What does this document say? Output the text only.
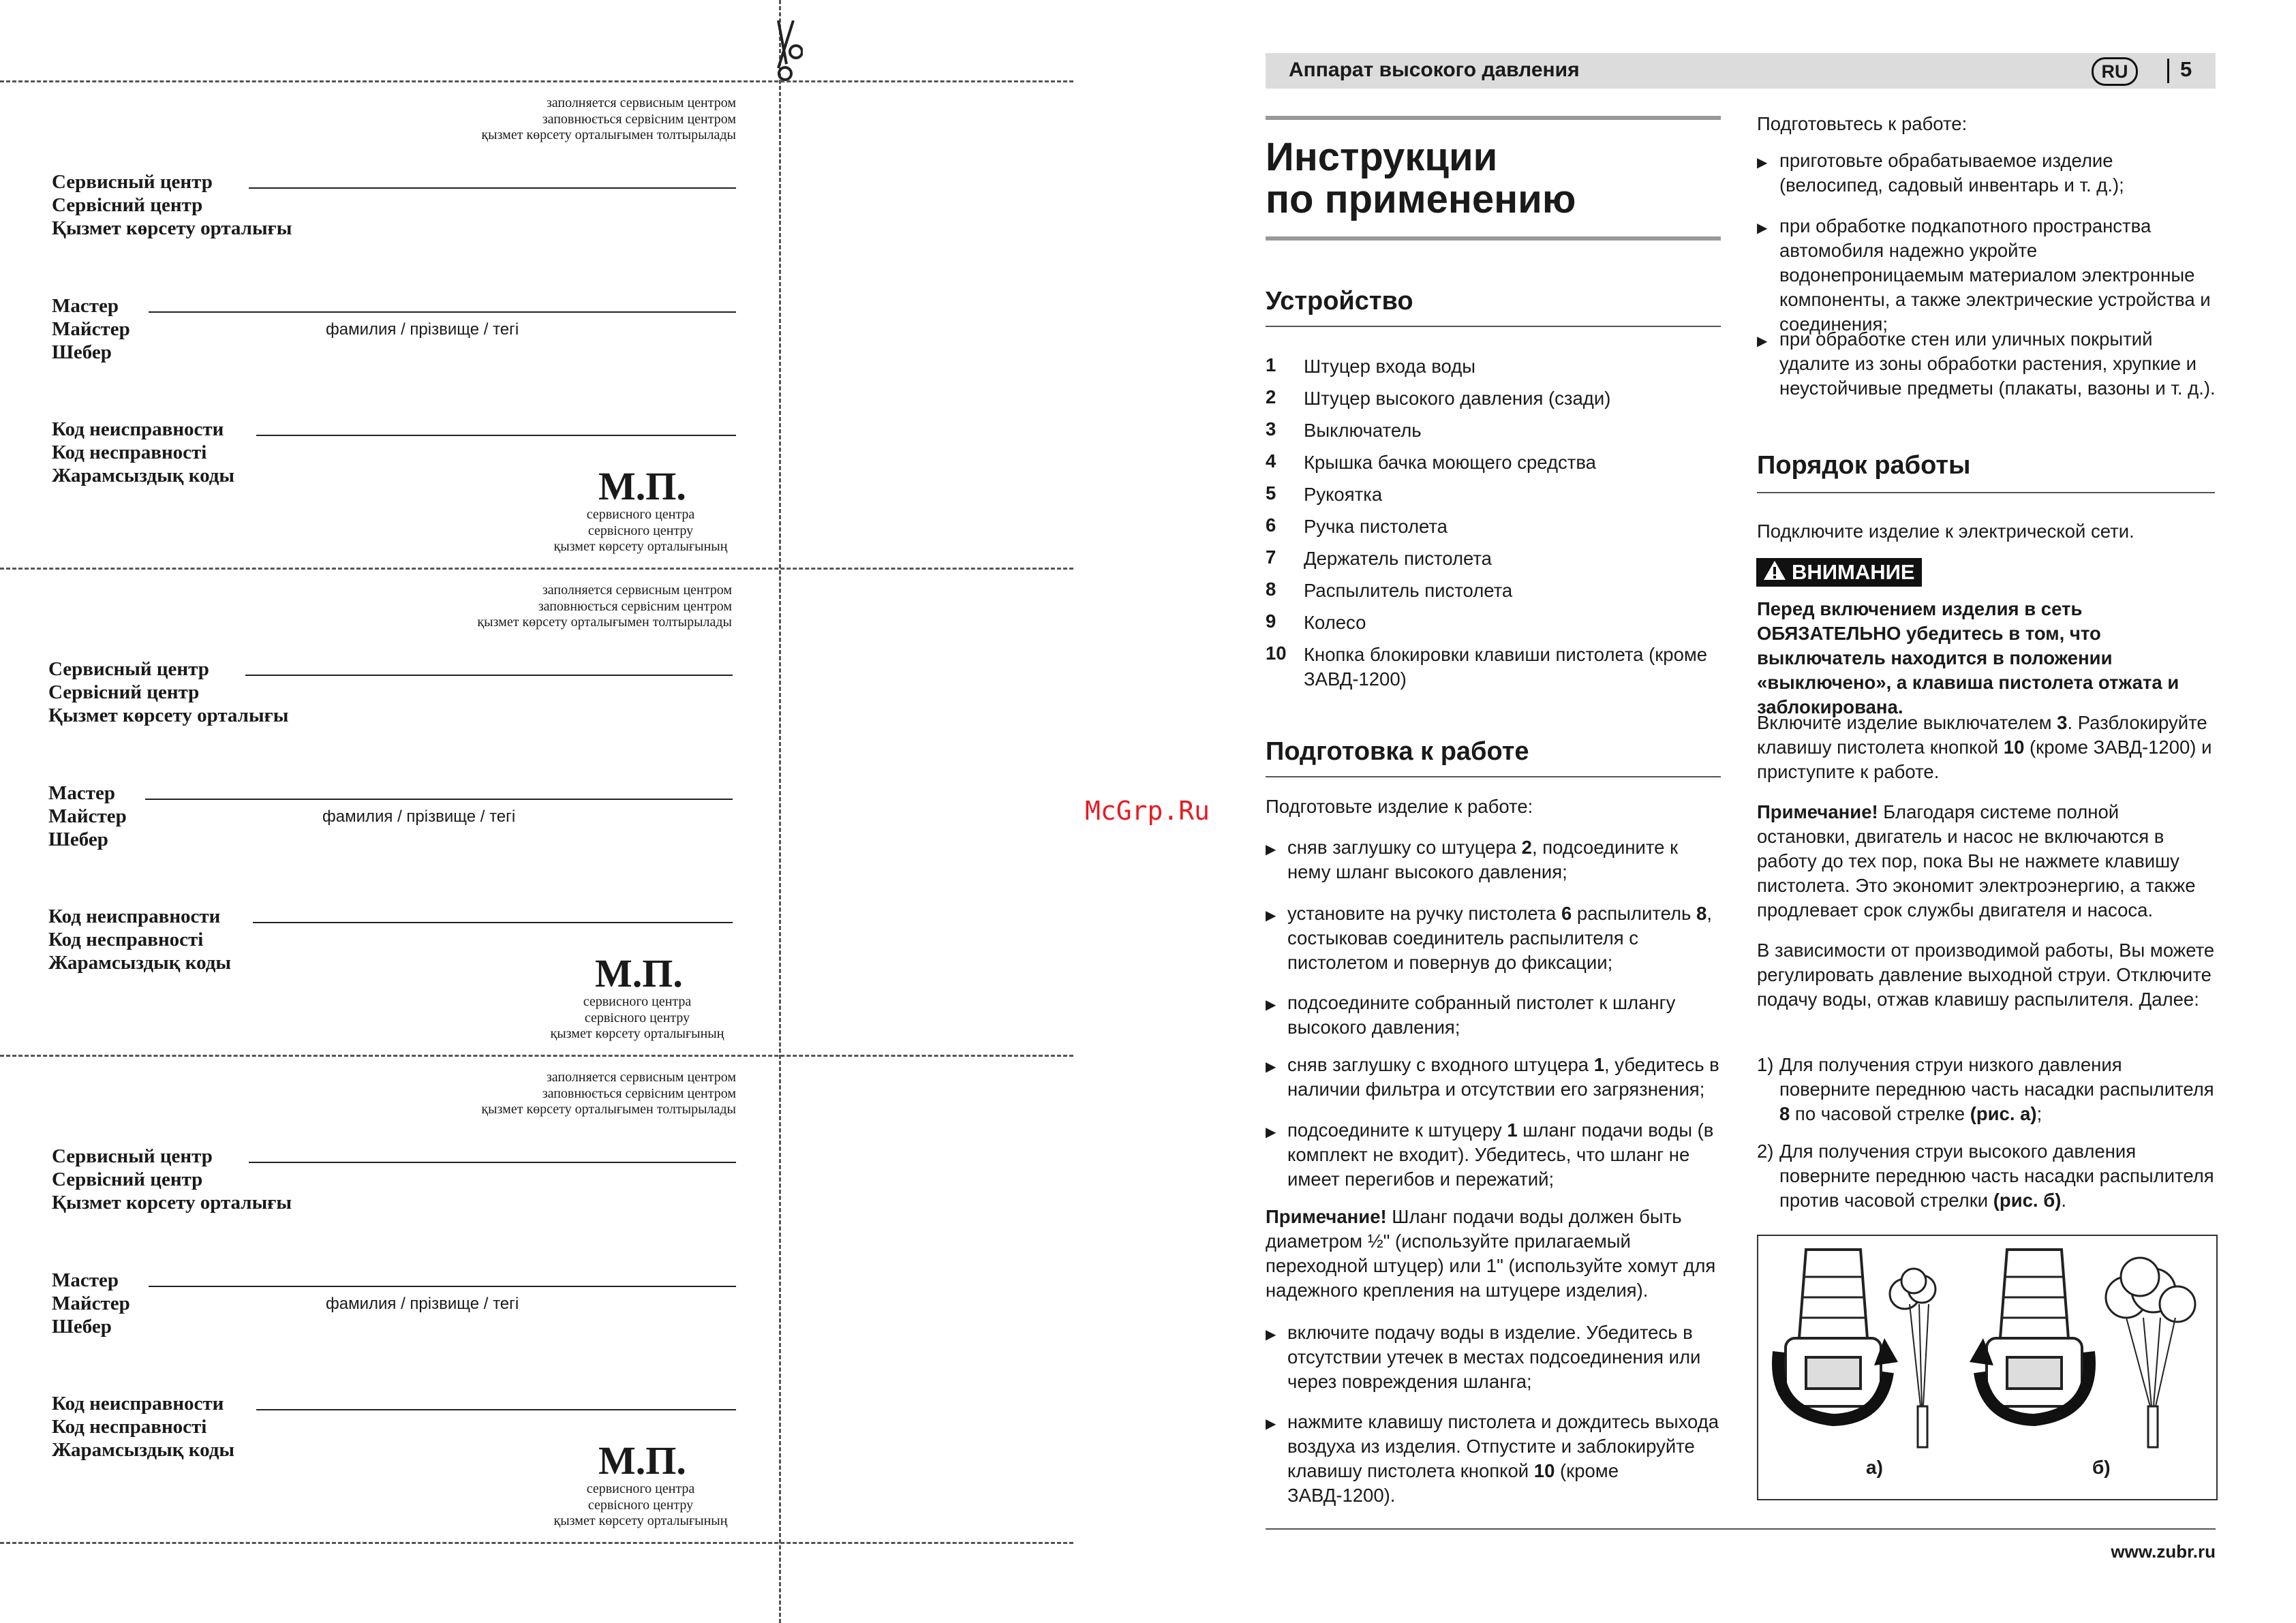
заполняется сервисным центром
заповнюється сервісним центром
қызмет көрсету орталығымен толтырылады
Сервисный центр
Сервісний центр
Қызмет көрсету орталығы
Мастер
Майстер
Шебер
фамилия / прізвище / тегі
Код неисправности
Код несправності
Жарамсыздық коды	М.П.
сервисного центра
сервісного центру
қызмет көрсету орталығының
заполняется сервисным центром
заповнюється сервісним центром
қызмет көрсету орталығымен толтырылады
Сервисный центр
Сервісний центр
Қызмет көрсету орталығы
Мастер
Майстер
Шебер
фамилия / прізвище / тегі
Код неисправности
Код несправності
Жарамсыздық коды	М.П.
сервисного центра
сервісного центру
қызмет көрсету орталығының
заполняется сервисным центром
заповнюється сервісним центром
қызмет көрсету орталығымен толтырылады
Сервисный центр
Сервісний центр
Қызмет корсету орталығы
Мастер
Майстер
Шебер
фамилия / прізвище / тегі
Код неисправности
Код несправності
Жарамсыздық коды	М.П.
сервисного центра
сервісного центру
қызмет көрсету орталығының
McGrp.Ru
Аппарат высокого давления	RU	5
Инструкции
по применению
Устройство
1	Штуцер входа воды
2	Штуцер высокого давления (сзади)
3	Выключатель
4	Крышка бачка моющего средства
5	Рукоятка
6	Ручка пистолета
7	Держатель пистолета
8	Распылитель пистолета
9	Колесо
10 Кнопка блокировки клавиши пистолета (кроме ЗАВД-1200)
Подготовка к работе
Подготовьте изделие к работе:
▶ сняв заглушку со штуцера 2, подсоедините к нему шланг высокого давления;
▶ установите на ручку пистолета 6 распылитель 8, состыковав соединитель распылителя с пистолетом и повернув до фиксации;
▶ подсоедините собранный пистолет к шлангу высокого давления;
▶ сняв заглушку с входного штуцера 1, убедитесь в наличии фильтра и отсутствии его загрязнения;
▶ подсоедините к штуцеру 1 шланг подачи воды (в комплект не входит). Убедитесь, что шланг не имеет перегибов и пережатий;
Примечание! Шланг подачи воды должен быть диаметром ½" (используйте прилагаемый переходной штуцер) или 1" (используйте хомут для надежного крепления на штуцере изделия).
▶ включите подачу воды в изделие. Убедитесь в отсутствии утечек в местах подсоединения или через повреждения шланга;
▶ нажмите клавишу пистолета и дождитесь выхода воздуха из изделия. Отпустите и заблокируйте клавишу пистолета кнопкой 10 (кроме ЗАВД-1200).
Подготовьтесь к работе:
▶ приготовьте обрабатываемое изделие (велосипед, садовый инвентарь и т. д.);
▶ при обработке подкапотного пространства автомобиля надежно укройте водонепроницаемым материалом электронные компоненты, а также электрические устройства и соединения;
▶ при обработке стен или уличных покрытий удалите из зоны обработки растения, хрупкие и неустойчивые предметы (плакаты, вазоны и т. д.).
Порядок работы
Подключите изделие к электрической сети.
ВНИМАНИЕ
Перед включением изделия в сеть ОБЯЗАТЕЛЬНО убедитесь в том, что выключатель находится в положении «выключено», а клавиша пистолета отжата и заблокирована.
Включите изделие выключателем 3. Разблокируйте клавишу пистолета кнопкой 10 (кроме ЗАВД-1200) и приступите к работе.
Примечание! Благодаря системе полной остановки, двигатель и насос не включаются в работу до тех пор, пока Вы не нажмете клавишу пистолета. Это экономит электроэнергию, а также продлевает срок службы двигателя и насоса.
В зависимости от производимой работы, Вы можете регулировать давление выходной струи. Отключите подачу воды, отжав клавишу распылителя. Далее:
1) Для получения струи низкого давления поверните переднюю часть насадки распылителя 8 по часовой стрелке (рис. а);
2) Для получения струи высокого давления поверните переднюю часть насадки распылителя против часовой стрелки (рис. б).
а)	б)
www.zubr.ru
